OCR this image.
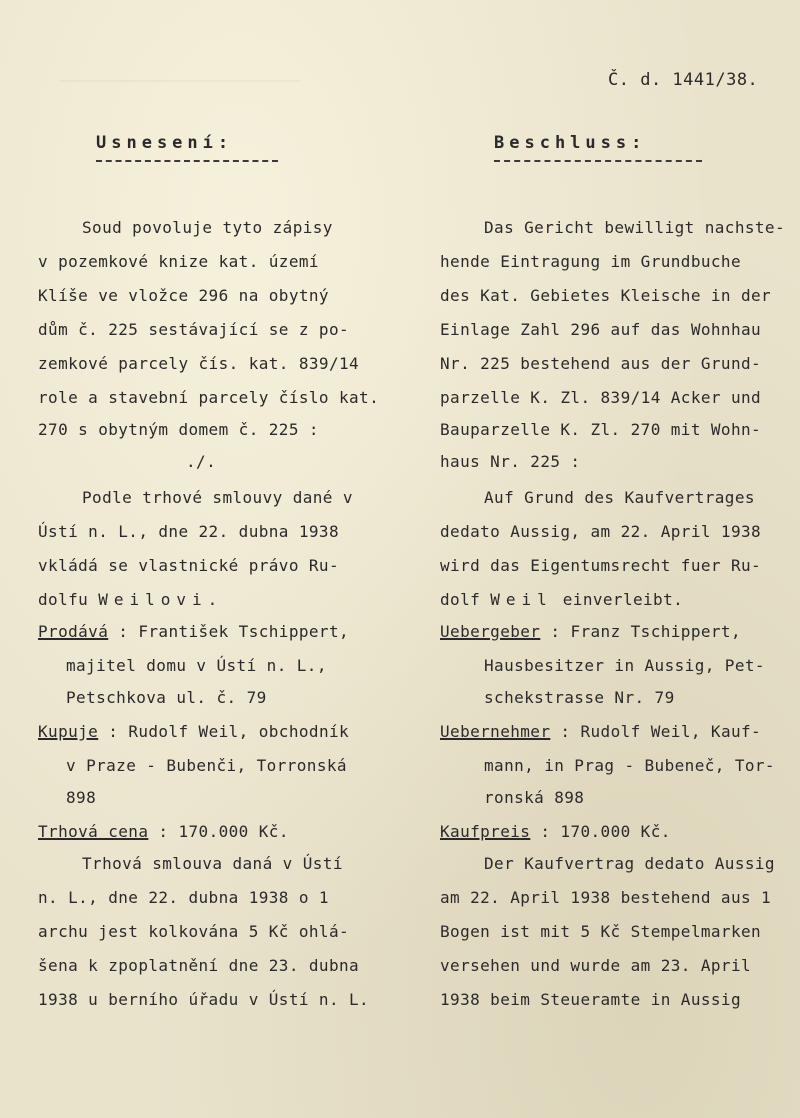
Č. d. 1441/38.
Usnesení:
Soud povoluje tyto zápisy
v pozemkové knize kat. území
Klíše ve vložce 296 na obytný
dům č. 225 sestávající se z po-
zemkové parcely čís. kat. 839/14
role a stavební parcely číslo kat.
270 s obytným domem č. 225 :
./.
Podle trhové smlouvy dané v
Ústí n. L., dne 22. dubna 1938
vkládá se vlastnické právo Ru-
dolfu Weilovi.
Prodává : František Tschippert,
majitel domu v Ústí n. L.,
Petschkova ul. č. 79
Kupuje : Rudolf Weil, obchodník
v Praze - Bubenči, Torronská
898
Trhová cena : 170.000 Kč.
Trhová smlouva daná v Ústí
n. L., dne 22. dubna 1938 o 1
archu jest kolkována 5 Kč ohlá-
šena k zpoplatnění dne 23. dubna
1938 u berního úřadu v Ústí n. L.
Beschluss:
Das Gericht bewilligt nachste-
hende Eintragung im Grundbuche
des Kat. Gebietes Kleische in der
Einlage Zahl 296 auf das Wohnhau
Nr. 225 bestehend aus der Grund-
parzelle K. Zl. 839/14 Acker und
Bauparzelle K. Zl. 270 mit Wohn-
haus Nr. 225 :
Auf Grund des Kaufvertrages
dedato Aussig, am 22. April 1938
wird das Eigentumsrecht fuer Ru-
dolf Weil einverleibt.
Uebergeber : Franz Tschippert,
Hausbesitzer in Aussig, Pet-
schekstrasse Nr. 79
Uebernehmer : Rudolf Weil, Kauf-
mann, in Prag - Bubeneč, Tor-
ronská 898
Kaufpreis : 170.000 Kč.
Der Kaufvertrag dedato Aussig
am 22. April 1938 bestehend aus 1
Bogen ist mit 5 Kč Stempelmarken
versehen und wurde am 23. April
1938 beim Steueramte in Aussig
